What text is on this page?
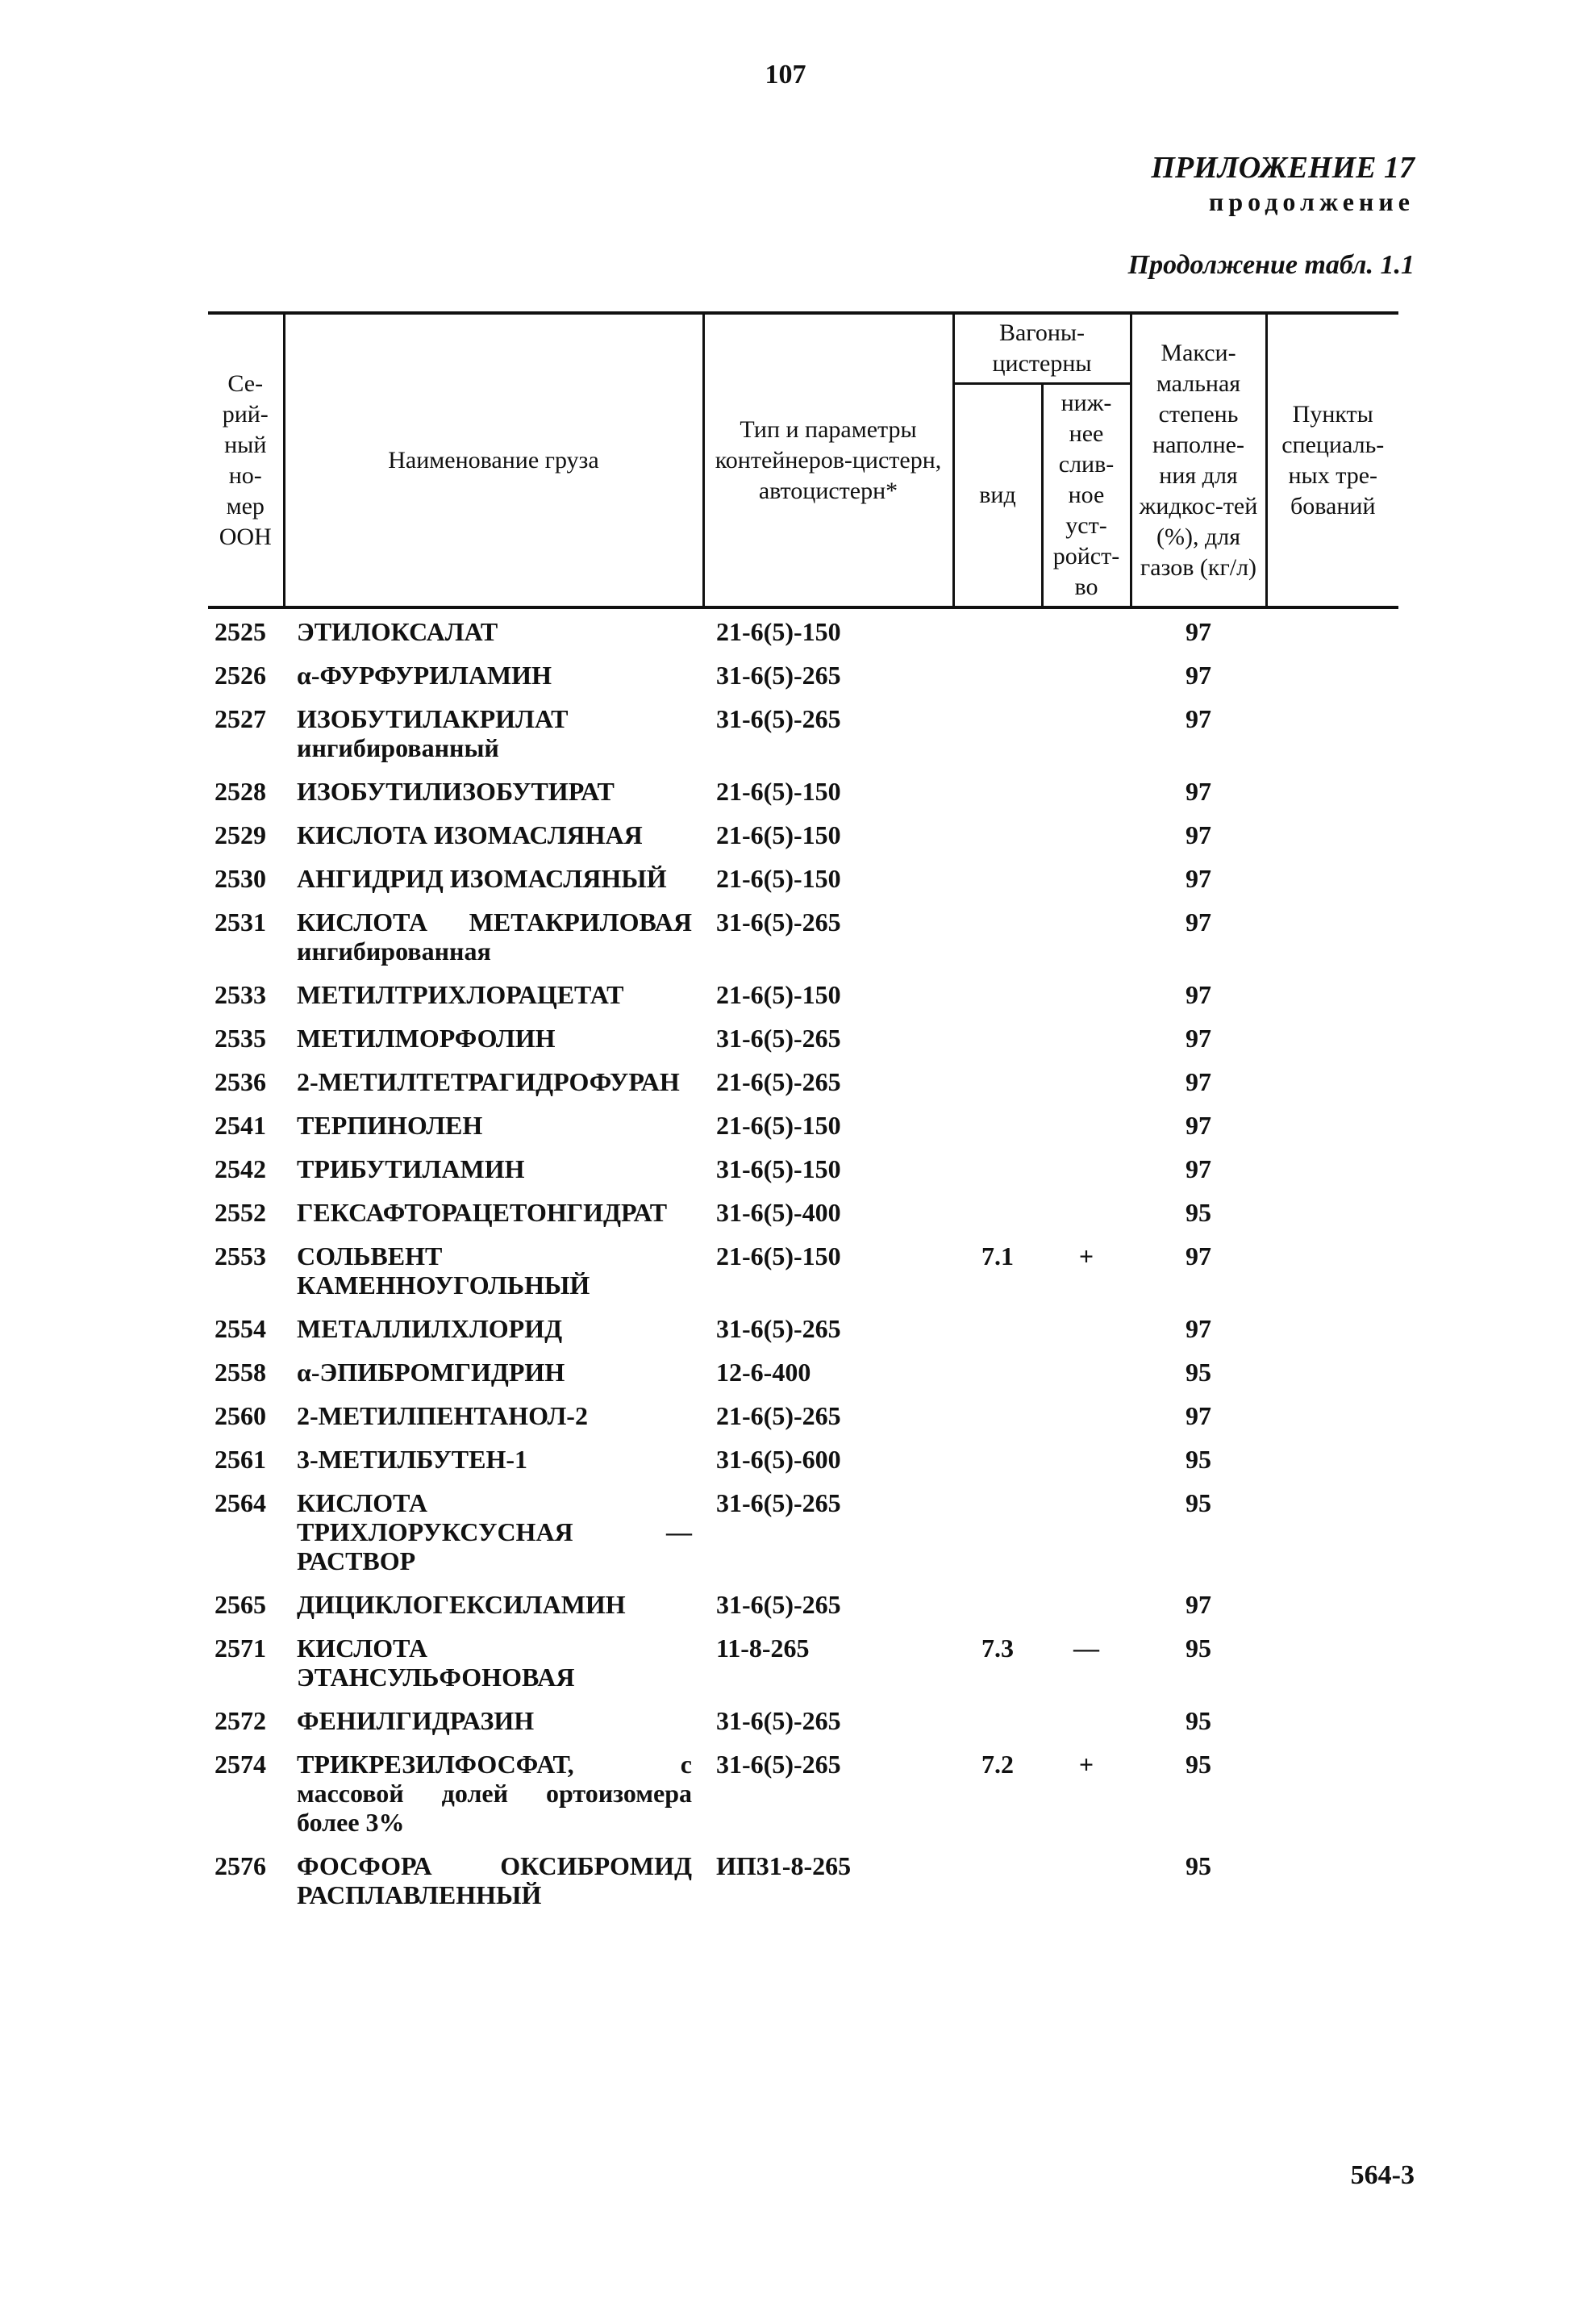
107
ПРИЛОЖЕНИЕ 17
продолжение
Продолжение табл. 1.1
Се-рий-ный но-мер ООН	Наименование груза	Тип и параметры контейнеров-цистерн, автоцистерн*	Вагоны-цистерны		Макси-мальная степень наполне-ния для жидкос-тей (%), для газов (кг/л)	Пункты специаль-ных тре-бований
			вид	ниж-нее слив-ное уст-ройст-во		
2525	ЭТИЛОКСАЛАТ	21-6(5)-150			97	
2526	α-ФУРФУРИЛАМИН	31-6(5)-265			97	
2527	ИЗОБУТИЛАКРИЛАТ ингибированный	31-6(5)-265			97	
2528	ИЗОБУТИЛИЗОБУТИРАТ	21-6(5)-150			97	
2529	КИСЛОТА ИЗОМАСЛЯНАЯ	21-6(5)-150			97	
2530	АНГИДРИД ИЗОМАСЛЯНЫЙ	21-6(5)-150			97	
2531	КИСЛОТА МЕТАКРИЛОВАЯ ингибированная	31-6(5)-265			97	
2533	МЕТИЛТРИХЛОРАЦЕТАТ	21-6(5)-150			97	
2535	МЕТИЛМОРФОЛИН	31-6(5)-265			97	
2536	2-МЕТИЛТЕТРАГИДРОФУРАН	21-6(5)-265			97	
2541	ТЕРПИНОЛЕН	21-6(5)-150			97	
2542	ТРИБУТИЛАМИН	31-6(5)-150			97	
2552	ГЕКСАФТОРАЦЕТОНГИДРАТ	31-6(5)-400			95	
2553	СОЛЬВЕНТ КАМЕННОУГОЛЬНЫЙ	21-6(5)-150	7.1	+	97	
2554	МЕТАЛЛИЛХЛОРИД	31-6(5)-265			97	
2558	α-ЭПИБРОМГИДРИН	12-6-400			95	
2560	2-МЕТИЛПЕНТАНОЛ-2	21-6(5)-265			97	
2561	3-МЕТИЛБУТЕН-1	31-6(5)-600			95	
2564	КИСЛОТА ТРИХЛОРУКСУСНАЯ — РАСТВОР	31-6(5)-265			95	
2565	ДИЦИКЛОГЕКСИЛАМИН	31-6(5)-265			97	
2571	КИСЛОТА ЭТАНСУЛЬФОНОВАЯ	11-8-265	7.3	—	95	
2572	ФЕНИЛГИДРАЗИН	31-6(5)-265			95	
2574	ТРИКРЕЗИЛФОСФАТ, с массовой долей ортоизомера более 3%	31-6(5)-265	7.2	+	95	
2576	ФОСФОРА ОКСИБРОМИД РАСПЛАВЛЕННЫЙ	ИП31-8-265			95	
564-3
